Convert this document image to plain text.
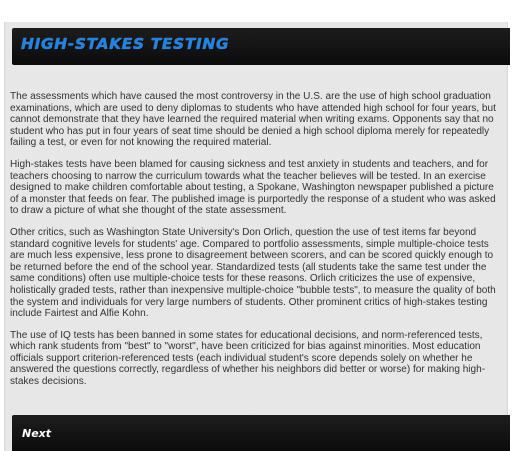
HIGH-STAKES TESTING

The assessments which have caused the most controversy in the U.S. are the use of high school graduation examinations, which are used to deny diplomas to students who have attended high school for four years, but cannot demonstrate that they have learned the required material when writing exams. Opponents say that no student who has put in four years of seat time should be denied a high school diploma merely for repeatedly failing a test, or even for not knowing the required material.

High-stakes tests have been blamed for causing sickness and test anxiety in students and teachers, and for teachers choosing to narrow the curriculum towards what the teacher believes will be tested. In an exercise designed to make children comfortable about testing, a Spokane, Washington newspaper published a picture of a monster that feeds on fear. The published image is purportedly the response of a student who was asked to draw a picture of what she thought of the state assessment.

Other critics, such as Washington State University's Don Orlich, question the use of test items far beyond standard cognitive levels for students' age. Compared to portfolio assessments, simple multiple-choice tests are much less expensive, less prone to disagreement between scorers, and can be scored quickly enough to be returned before the end of the school year. Standardized tests (all students take the same test under the same conditions) often use multiple-choice tests for these reasons. Orlich criticizes the use of expensive, holistically graded tests, rather than inexpensive multiple-choice "bubble tests", to measure the quality of both the system and individuals for very large numbers of students. Other prominent critics of high-stakes testing include Fairtest and Alfie Kohn.

The use of IQ tests has been banned in some states for educational decisions, and norm-referenced tests, which rank students from "best" to "worst", have been criticized for bias against minorities. Most education officials support criterion-referenced tests (each individual student's score depends solely on whether he answered the questions correctly, regardless of whether his neighbors did better or worse) for making high-stakes decisions.

Next
